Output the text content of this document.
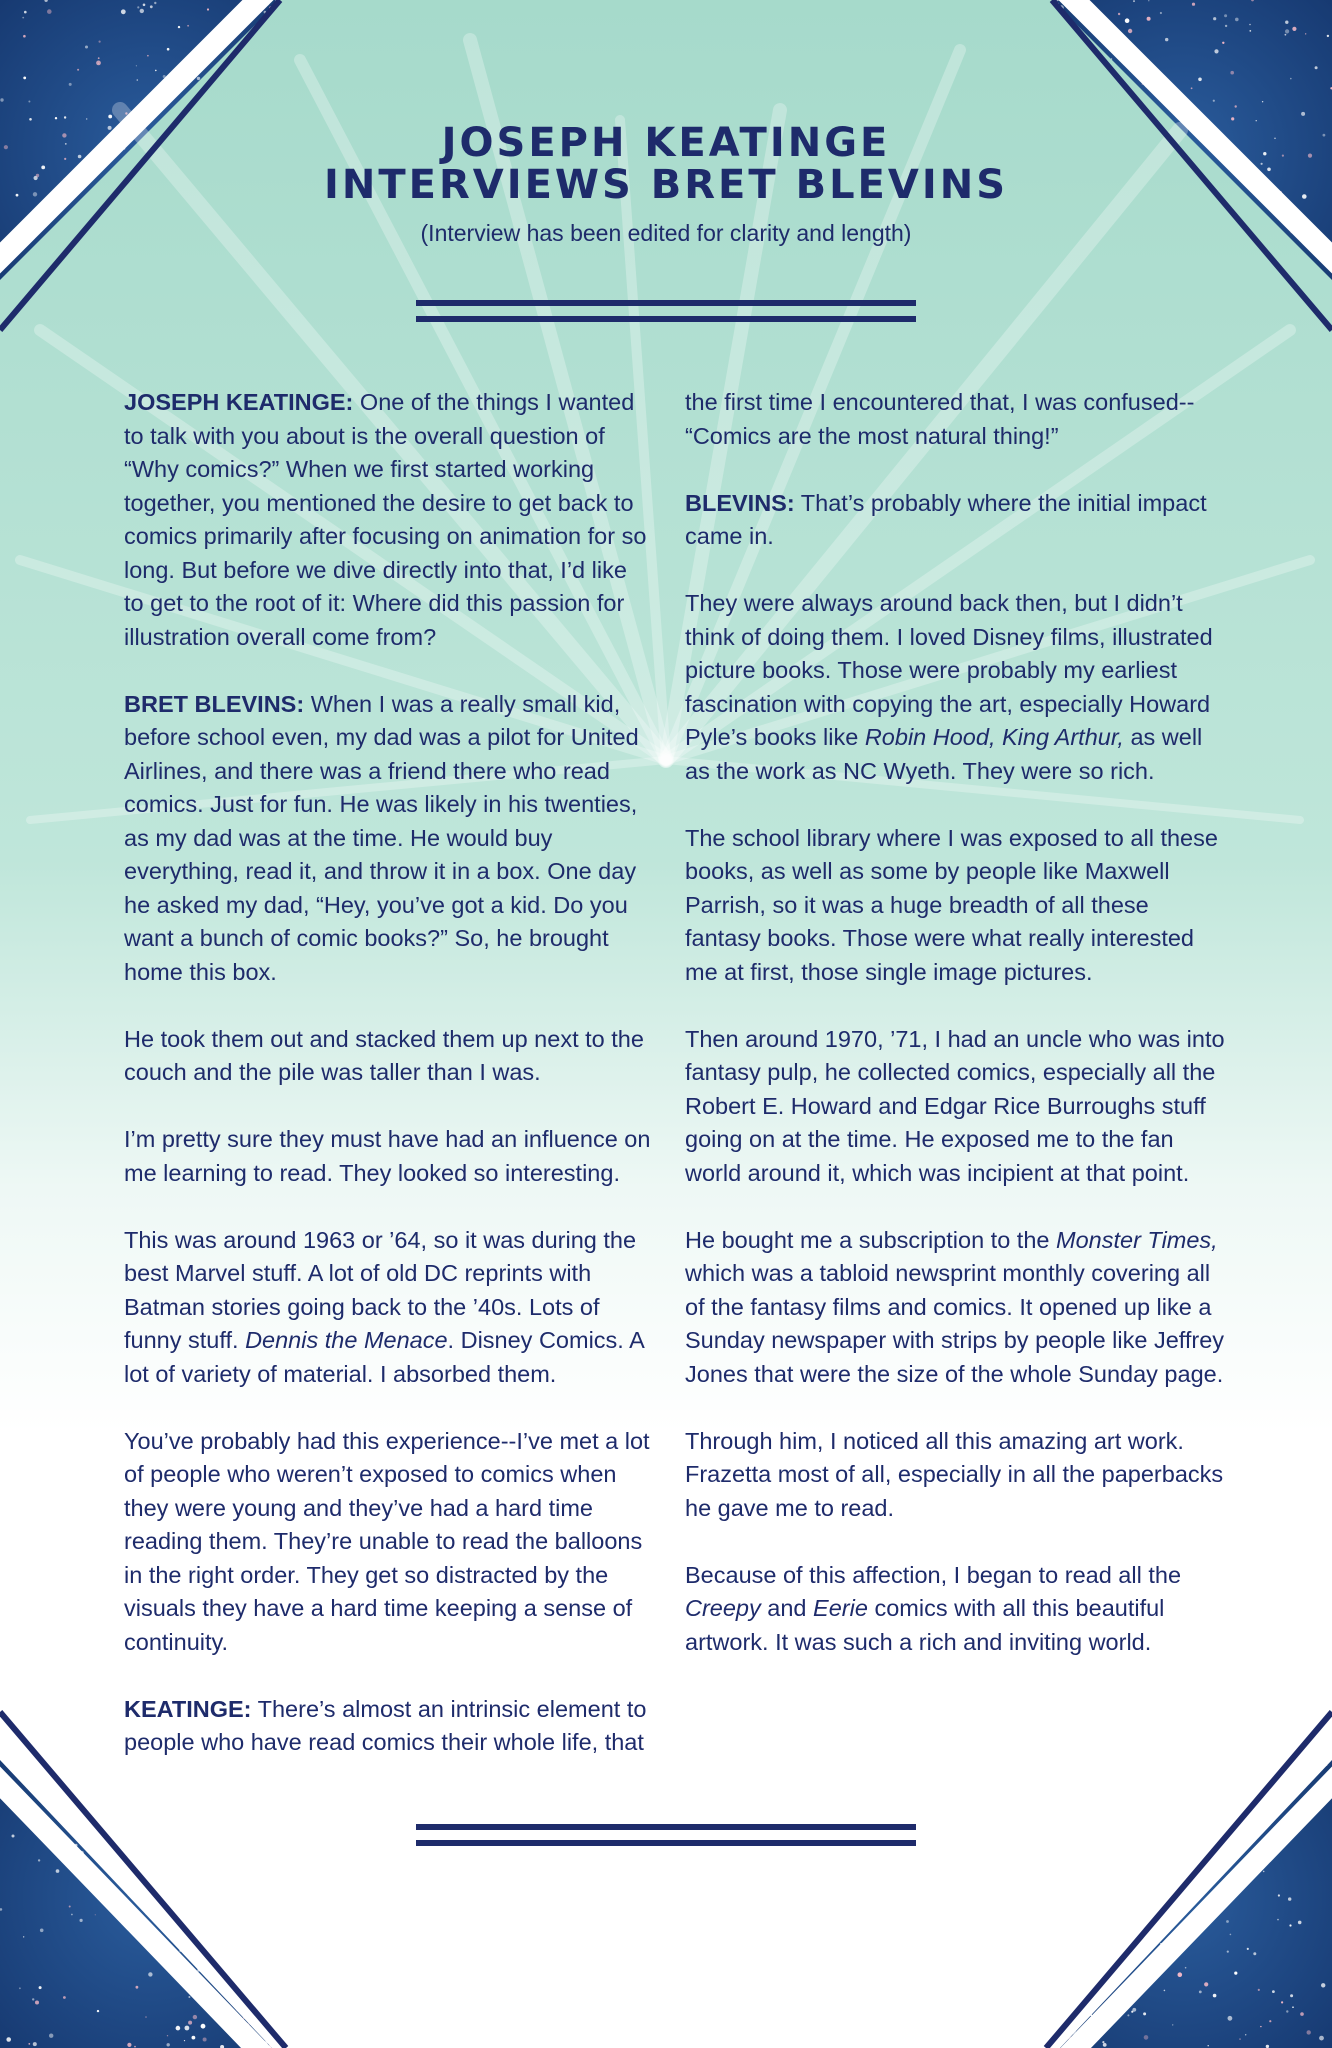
JOSEPH KEATINGE
INTERVIEWS BRET BLEVINS

(Interview has been edited for clarity and length)

JOSEPH KEATINGE: One of the things I wanted to talk with you about is the overall question of “Why comics?” When we first started working together, you mentioned the desire to get back to comics primarily after focusing on animation for so long. But before we dive directly into that, I’d like to get to the root of it: Where did this passion for illustration overall come from?

BRET BLEVINS: When I was a really small kid, before school even, my dad was a pilot for United Airlines, and there was a friend there who read comics. Just for fun. He was likely in his twenties, as my dad was at the time. He would buy everything, read it, and throw it in a box. One day he asked my dad, “Hey, you’ve got a kid. Do you want a bunch of comic books?” So, he brought home this box.

He took them out and stacked them up next to the couch and the pile was taller than I was.

I’m pretty sure they must have had an influence on me learning to read. They looked so interesting.

This was around 1963 or ’64, so it was during the best Marvel stuff. A lot of old DC reprints with Batman stories going back to the ’40s. Lots of funny stuff. Dennis the Menace. Disney Comics. A lot of variety of material. I absorbed them.

You’ve probably had this experience--I’ve met a lot of people who weren’t exposed to comics when they were young and they’ve had a hard time reading them. They’re unable to read the balloons in the right order. They get so distracted by the visuals they have a hard time keeping a sense of continuity.

KEATINGE: There’s almost an intrinsic element to people who have read comics their whole life, that

the first time I encountered that, I was confused-- “Comics are the most natural thing!”

BLEVINS: That’s probably where the initial impact came in.

They were always around back then, but I didn’t think of doing them. I loved Disney films, illustrated picture books. Those were probably my earliest fascination with copying the art, especially Howard Pyle’s books like Robin Hood, King Arthur, as well as the work as NC Wyeth. They were so rich.

The school library where I was exposed to all these books, as well as some by people like Maxwell Parrish, so it was a huge breadth of all these fantasy books. Those were what really interested me at first, those single image pictures.

Then around 1970, ’71, I had an uncle who was into fantasy pulp, he collected comics, especially all the Robert E. Howard and Edgar Rice Burroughs stuff going on at the time. He exposed me to the fan world around it, which was incipient at that point.

He bought me a subscription to the Monster Times, which was a tabloid newsprint monthly covering all of the fantasy films and comics. It opened up like a Sunday newspaper with strips by people like Jeffrey Jones that were the size of the whole Sunday page.

Through him, I noticed all this amazing art work. Frazetta most of all, especially in all the paperbacks he gave me to read.

Because of this affection, I began to read all the Creepy and Eerie comics with all this beautiful artwork. It was such a rich and inviting world.
